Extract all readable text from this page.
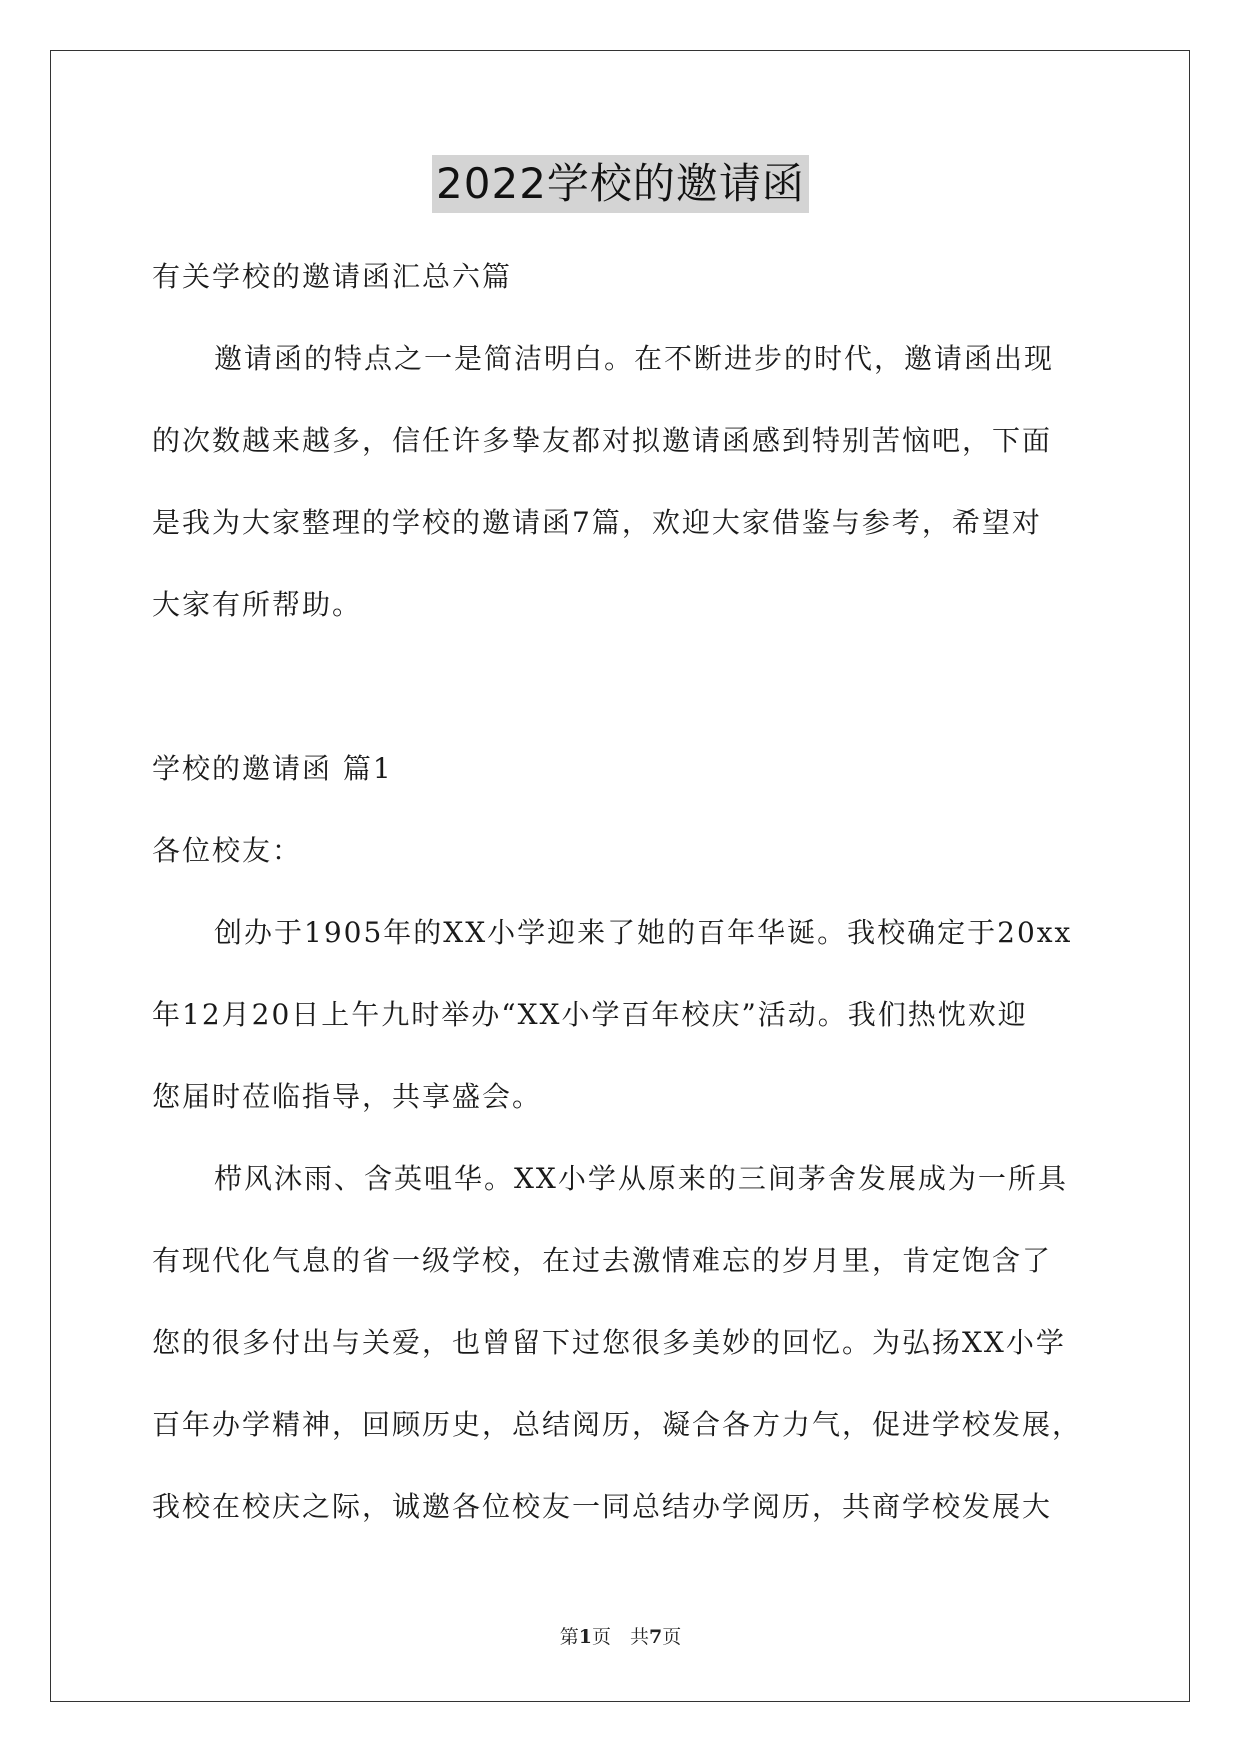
2022学校的邀请函
有关学校的邀请函汇总六篇
邀请函的特点之一是简洁明白。在不断进步的时代，邀请函出现
的次数越来越多，信任许多挚友都对拟邀请函感到特别苦恼吧，下面
是我为大家整理的学校的邀请函7篇，欢迎大家借鉴与参考，希望对
大家有所帮助。
学校的邀请函 篇1
各位校友：
创办于1905年的XX小学迎来了她的百年华诞。我校确定于20xx
年12月20日上午九时举办“XX小学百年校庆”活动。我们热忱欢迎
您届时莅临指导，共享盛会。
栉风沐雨、含英咀华。XX小学从原来的三间茅舍发展成为一所具
有现代化气息的省一级学校，在过去激情难忘的岁月里，肯定饱含了
您的很多付出与关爱，也曾留下过您很多美妙的回忆。为弘扬XX小学
百年办学精神，回顾历史，总结阅历，凝合各方力气，促进学校发展，
我校在校庆之际，诚邀各位校友一同总结办学阅历，共商学校发展大
第1页　共7页
